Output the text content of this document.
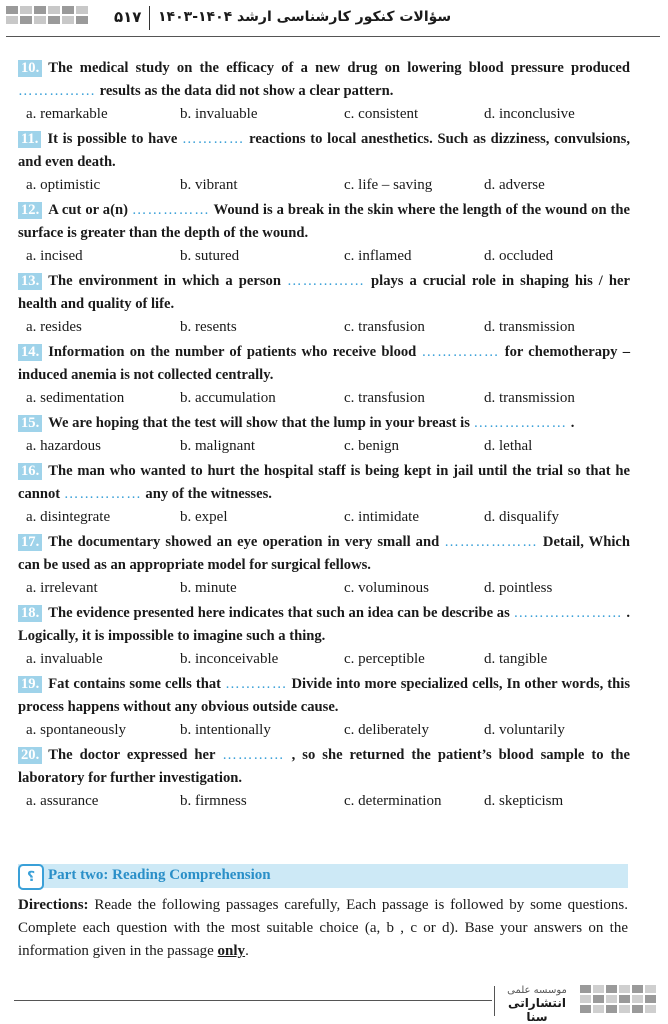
۵۱۷ سؤالات کنکور کارشناسی ارشد ۱۴۰۴-۱۴۰۳
10. The medical study on the efficacy of a new drug on lowering blood pressure produced …………… results as the data did not show a clear pattern.
a. remarkable	b. invaluable	c. consistent	d. inconclusive
11. It is possible to have ………… reactions to local anesthetics. Such as dizziness, convulsions, and even death.
a. optimistic	b. vibrant	c. life – saving	d. adverse
12. A cut or a(n) …………… Wound is a break in the skin where the length of the wound on the surface is greater than the depth of the wound.
a. incised	b. sutured	c. inflamed	d. occluded
13. The environment in which a person …………… plays a crucial role in shaping his / her health and quality of life.
a. resides	b. resents	c. transfusion	d. transmission
14. Information on the number of patients who receive blood …………… for chemotherapy – induced anemia is not collected centrally.
a. sedimentation	b. accumulation	c. transfusion	d. transmission
15. We are hoping that the test will show that the lump in your breast is ……………… .
a. hazardous	b. malignant	c. benign	d. lethal
16. The man who wanted to hurt the hospital staff is being kept in jail until the trial so that he cannot …………… any of the witnesses.
a. disintegrate	b. expel	c. intimidate	d. disqualify
17. The documentary showed an eye operation in very small and ……………… Detail, Which can be used as an appropriate model for surgical fellows.
a. irrelevant	b. minute	c. voluminous	d. pointless
18. The evidence presented here indicates that such an idea can be describe as ………………… . Logically, it is impossible to imagine such a thing.
a. invaluable	b. inconceivable	c. perceptible	d. tangible
19. Fat contains some cells that ………… Divide into more specialized cells, In other words, this process happens without any obvious outside cause.
a. spontaneously	b. intentionally	c. deliberately	d. voluntarily
20. The doctor expressed her ………… , so she returned the patient’s blood sample to the laboratory for further investigation.
a. assurance	b. firmness	c. determination	d. skepticism
؟ Part two: Reading Comprehension
Directions: Reade the following passages carefully, Each passage is followed by some questions. Complete each question with the most suitable choice (a, b , c or d). Base your answers on the information given in the passage only.
موسسه علمی
انتشاراتی سنا
